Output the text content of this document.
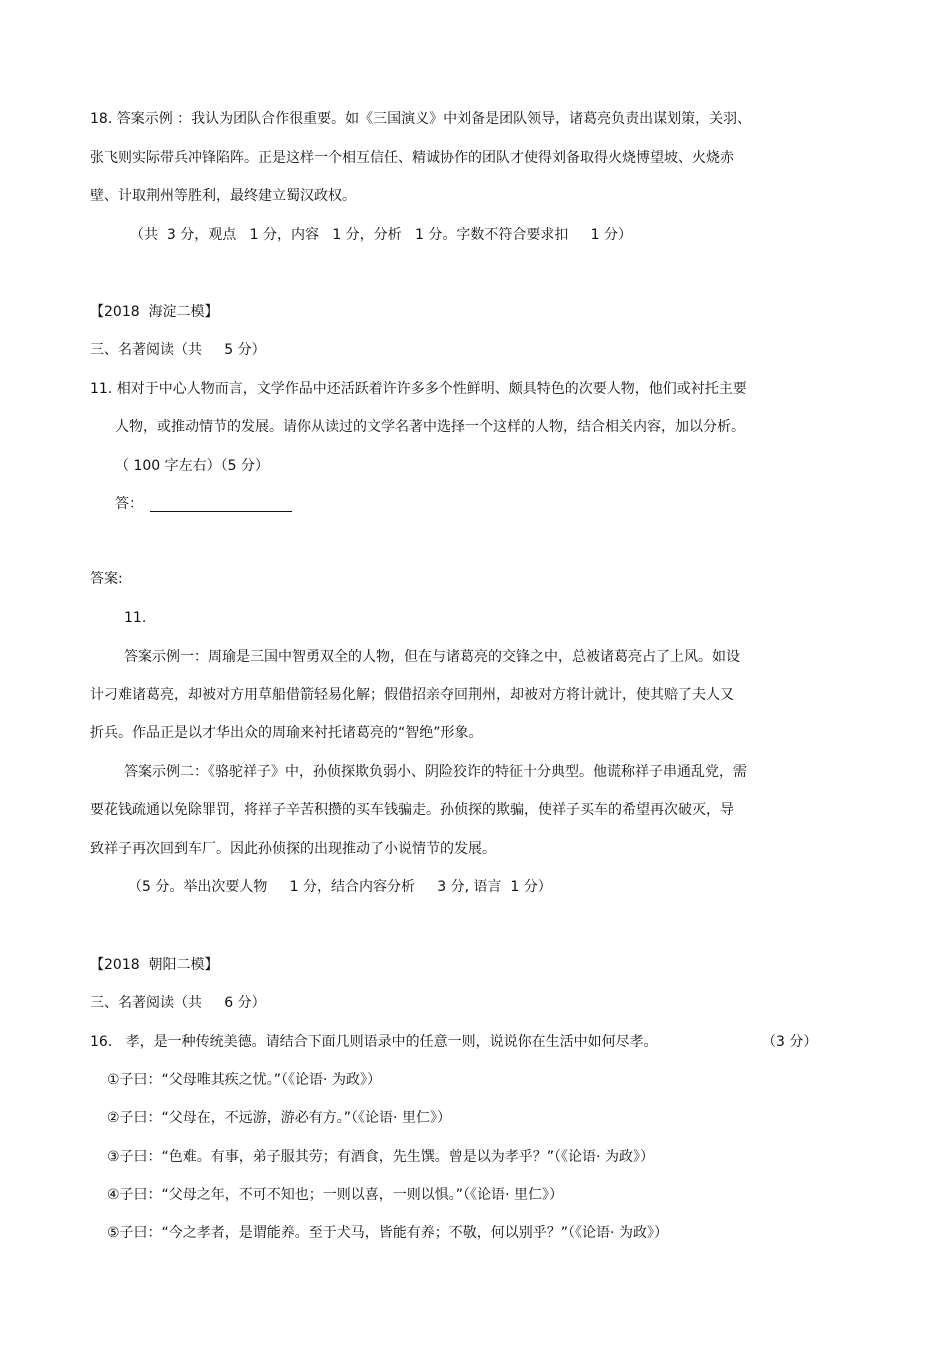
18. 答案示例 ：我认为团队合作很重要。如《三国演义》中刘备是团队领导，诸葛亮负责出谋划策，关羽、
张飞则实际带兵冲锋陷阵。正是这样一个相互信任、精诚协作的团队才使得刘备取得火烧博望坡、火烧赤
壁、计取荆州等胜利，最终建立蜀汉政权。
（共  3 分，观点   1 分，内容   1 分，分析   1 分。字数不符合要求扣     1 分）
【2018  海淀二模】
三、名著阅读（共     5 分）
11. 相对于中心人物而言，文学作品中还活跃着许许多多个性鲜明、颇具特色的次要人物，他们或衬托主要
人物，或推动情节的发展。请你从读过的文学名著中选择一个这样的人物，结合相关内容，加以分析。
（ 100 字左右）（5 分）
答：
答案:
11.
答案示例一：周瑜是三国中智勇双全的人物，但在与诸葛亮的交锋之中，总被诸葛亮占了上风。如设
计刁难诸葛亮，却被对方用草船借箭轻易化解；假借招亲夺回荆州，却被对方将计就计，使其赔了夫人又
折兵。作品正是以才华出众的周瑜来衬托诸葛亮的“智绝”形象。
答案示例二：《骆驼祥子》中，孙侦探欺负弱小、阴险狡诈的特征十分典型。他谎称祥子串通乱党，需
要花钱疏通以免除罪罚，将祥子辛苦积攒的买车钱骗走。孙侦探的欺骗，使祥子买车的希望再次破灭，导
致祥子再次回到车厂。因此孙侦探的出现推动了小说情节的发展。
（5 分。举出次要人物     1 分，结合内容分析     3 分, 语言  1 分）
【2018  朝阳二模】
三、名著阅读（共     6 分）
16.   孝，是一种传统美德。请结合下面几则语录中的任意一则，说说你在生活中如何尽孝。	（3 分）
①子曰：“父母唯其疾之忧。”（《论语· 为政》）
②子曰：“父母在，不远游，游必有方。”（《论语· 里仁》）
③子曰：“色难。有事，弟子服其劳；有酒食，先生馔。曾是以为孝乎？”（《论语· 为政》）
④子曰：“父母之年，不可不知也；一则以喜，一则以惧。”（《论语· 里仁》）
⑤子曰：“今之孝者，是谓能养。至于犬马，皆能有养；不敬，何以别乎？”（《论语· 为政》）
